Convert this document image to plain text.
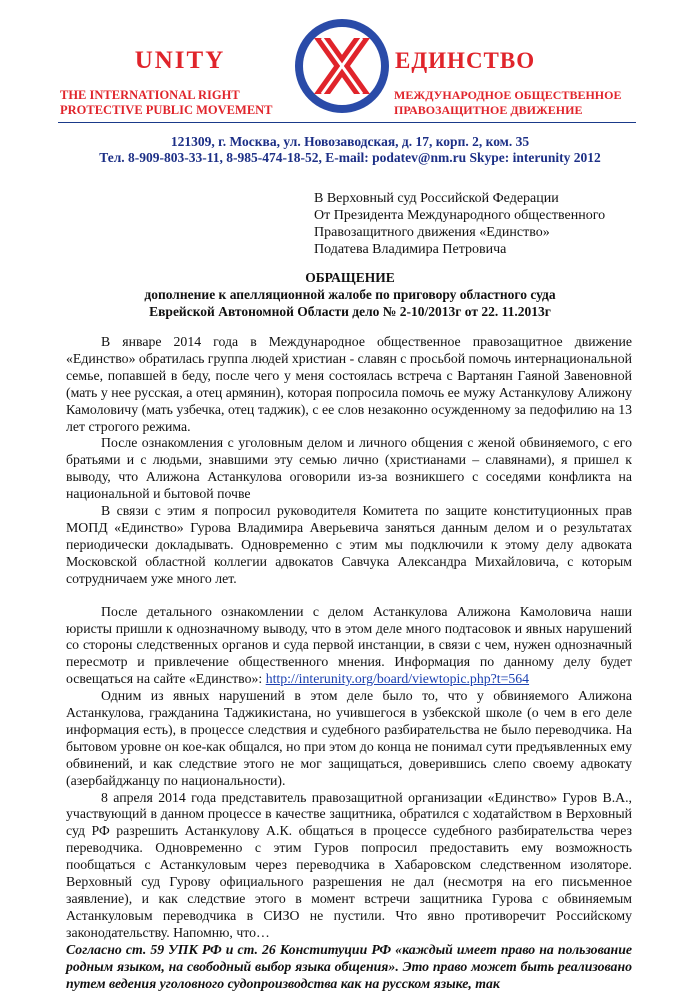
UNITY
THE INTERNATIONAL RIGHT
PROTECTIVE PUBLIC MOVEMENT
ЕДИНСТВО
МЕЖДУНАРОДНОЕ ОБЩЕСТВЕННОЕ
ПРАВОЗАЩИТНОЕ ДВИЖЕНИЕ
121309, г. Москва, ул. Новозаводская, д. 17, корп. 2, ком. 35
Тел. 8-909-803-33-11, 8-985-474-18-52, E-mail: podatev@nm.ru Skype: interunity 2012
В Верховный суд Российской Федерации
От Президента Международного общественного
Правозащитного движения «Единство»
Податева Владимира Петровича
ОБРАЩЕНИЕ
дополнение к апелляционной жалобе по приговору областного суда
Еврейской Автономной Области дело № 2-10/2013г от 22. 11.2013г

В январе 2014 года в Международное общественное правозащитное движение «Единство» обратилась группа людей христиан - славян с просьбой помочь интернациональной семье, попавшей в беду, после чего у меня состоялась встреча с Вартанян Гаяной Завеновной (мать у нее русская, а отец армянин), которая попросила помочь ее мужу Астанкулову Алижону Камоловичу (мать узбечка, отец таджик), с ее слов незаконно осужденному за педофилию на 13 лет строгого режима.

После ознакомления с уголовным делом и личного общения с женой обвиняемого, с его братьями и с людьми, знавшими эту семью лично (христианами – славянами), я пришел к выводу, что Алижона Астанкулова оговорили из-за возникшего с соседями конфликта на национальной и бытовой почве

В связи с этим я попросил руководителя Комитета по защите конституционных прав МОПД «Единство» Гурова Владимира Аверьевича заняться данным делом и о результатах периодически докладывать. Одновременно с этим мы подключили к этому делу адвоката Московской областной коллегии адвокатов Савчука Александра Михайловича, с которым сотрудничаем уже много лет.

После детального ознакомлении с делом Астанкулова Алижона Камоловича наши юристы пришли к однозначному выводу, что в этом деле много подтасовок и явных нарушений со стороны следственных органов и суда первой инстанции, в связи с чем, нужен однозначный пересмотр и привлечение общественного мнения. Информация по данному делу будет освещаться на сайте «Единство»: http://interunity.org/board/viewtopic.php?t=564

Одним из явных нарушений в этом деле было то, что у обвиняемого Алижона Астанкулова, гражданина Таджикистана, но учившегося в узбекской школе (о чем в его деле информация есть), в процессе следствия и судебного разбирательства не было переводчика. На бытовом уровне он кое-как общался, но при этом до конца не понимал сути предъявленных ему обвинений, и как следствие этого не мог защищаться, доверившись слепо своему адвокату (азербайджанцу по национальности).

8 апреля 2014 года представитель правозащитной организации «Единство» Гуров В.А., участвующий в данном процессе в качестве защитника, обратился с ходатайством в Верховный суд РФ разрешить Астанкулову А.К. общаться в процессе судебного разбирательства через переводчика. Одновременно с этим Гуров попросил предоставить ему возможность пообщаться с Астанкуловым через переводчика в Хабаровском следственном изоляторе. Верховный суд Гурову официального разрешения не дал (несмотря на его письменное заявление), и как следствие этого в момент встречи защитника Гурова с обвиняемым Астанкуловым переводчика в СИЗО не пустили. Что явно противоречит Российскому законодательству. Напомню, что…

Согласно ст. 59 УПК РФ и ст. 26 Конституции РФ «каждый имеет право на пользование родным языком, на свободный выбор языка общения». Это право может быть реализовано путем ведения уголовного судопроизводства как на русском языке, так
